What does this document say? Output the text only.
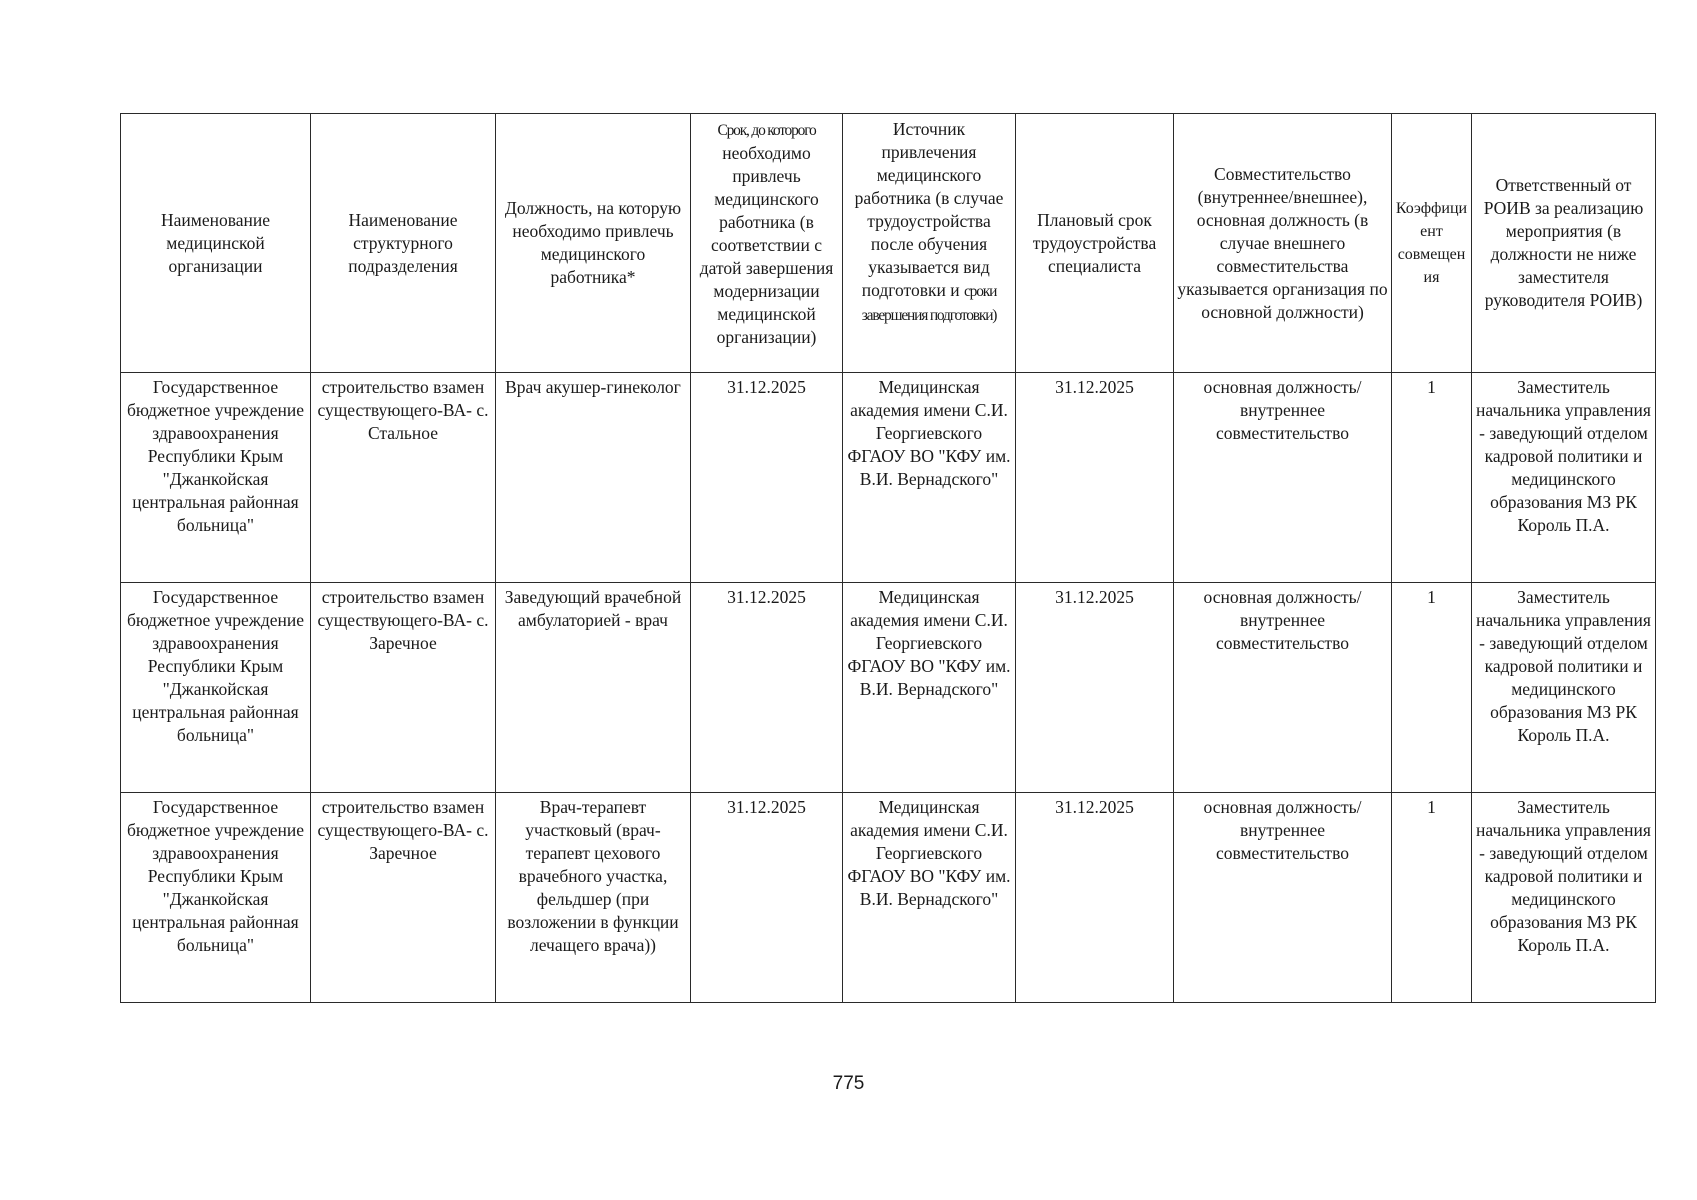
Наименование медицинской организации	Наименование структурного подразделения	Должность, на которую необходимо привлечь медицинского работника*	Срок, до которого необходимо привлечь медицинского работника (в соответствии с датой завершения модернизации медицинской организации)	Источник привлечения медицинского работника (в случае трудоустройства после обучения указывается вид подготовки и сроки завершения подготовки)	Плановый срок трудоустройства специалиста	Совместительство (внутреннее/внешнее), основная должность (в случае внешнего совместительства указывается организация по основной должности)	Коэффициент совмещения	Ответственный от РОИВ за реализацию мероприятия (в должности не ниже заместителя руководителя РОИВ)
Государственное бюджетное учреждение здравоохранения Республики Крым "Джанкойская центральная районная больница"	строительство взамен существующего-ВА- с. Стальное	Врач акушер-гинеколог	31.12.2025	Медицинская академия имени С.И. Георгиевского ФГАОУ ВО "КФУ им. В.И. Вернадского"	31.12.2025	основная должность/ внутреннее совместительство	1	Заместитель начальника управления - заведующий отделом кадровой политики и медицинского образования МЗ РК Король П.А.
Государственное бюджетное учреждение здравоохранения Республики Крым "Джанкойская центральная районная больница"	строительство взамен существующего-ВА- с. Заречное	Заведующий врачебной амбулаторией - врач	31.12.2025	Медицинская академия имени С.И. Георгиевского ФГАОУ ВО "КФУ им. В.И. Вернадского"	31.12.2025	основная должность/ внутреннее совместительство	1	Заместитель начальника управления - заведующий отделом кадровой политики и медицинского образования МЗ РК Король П.А.
Государственное бюджетное учреждение здравоохранения Республики Крым "Джанкойская центральная районная больница"	строительство взамен существующего-ВА- с. Заречное	Врач-терапевт участковый (врач-терапевт цехового врачебного участка, фельдшер (при возложении в функции лечащего врача))	31.12.2025	Медицинская академия имени С.И. Георгиевского ФГАОУ ВО "КФУ им. В.И. Вернадского"	31.12.2025	основная должность/ внутреннее совместительство	1	Заместитель начальника управления - заведующий отделом кадровой политики и медицинского образования МЗ РК Король П.А.
775
